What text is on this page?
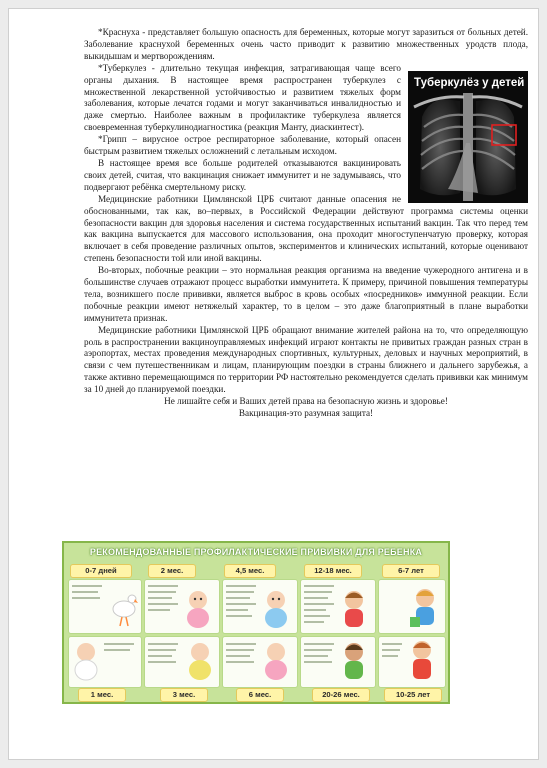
*Краснуха - представляет большую опасность для беременных, которые могут заразиться от больных детей. Заболевание краснухой беременных очень часто приводит к развитию множественных уродств плода, выкидышам и мертворождениям.

Туберкулёз у детей

*Туберкулез - длительно текущая инфекция, затрагивающая чаще всего органы дыхания. В настоящее время распространен туберкулез с множественной лекарственной устойчивостью и развитием тяжелых форм заболевания, которые лечатся годами и могут заканчиваться инвалидностью и даже смертью. Наиболее важным в профилактике туберкулеза является своевременная туберкулинодиагностика (реакция Манту, диаскинтест).

*Грипп – вирусное острое респираторное заболевание, который опасен быстрым развитием тяжелых осложнений с летальным исходом.

В настоящее время все больше родителей отказываются вакцинировать своих детей, считая, что вакцинация снижает иммунитет и не задумываясь, что подвергают ребёнка смертельному риску.

Медицинские работники Цимлянской ЦРБ считают данные опасения не обоснованными, так как, во–первых, в Российской Федерации действуют программа системы оценки безопасности вакцин для здоровья населения и система государственных испытаний вакцин. Так что перед тем как вакцина выпускается для массового использования, она проходит многоступенчатую проверку, которая включает в себя проведение различных опытов, экспериментов и клинических испытаний, которые оценивают степень безопасности той или иной вакцины.

Во-вторых, побочные реакции – это нормальная реакция организма на введение чужеродного антигена и в большинстве случаев отражают процесс выработки иммунитета. К примеру, причиной повышения температуры тела, возникшего после прививки, является выброс в кровь особых «посредников» иммунной реакции. Если побочные реакции имеют нетяжелый характер, то в целом – это даже благоприятный в плане выработки иммунитета признак.

Медицинские работники Цимлянской ЦРБ обращают внимание жителей района на то, что определяющую роль в распространении вакциноуправляемых инфекций играют контакты не привитых граждан разных стран в аэропортах, местах проведения международных спортивных, культурных, деловых и научных мероприятий, в связи с чем путешественникам и лицам, планирующим поездки в страны ближнего и дальнего зарубежья, а также активно перемещающимся по территории РФ настоятельно рекомендуется сделать прививки как минимум за 10 дней до планируемой поездки.

Не лишайте себя и Ваших детей права на безопасную жизнь и здоровье!

Вакцинация-это разумная защита!

РЕКОМЕНДОВАННЫЕ ПРОФИЛАКТИЧЕСКИЕ ПРИВИВКИ ДЛЯ РЕБЕНКА
0-7 дней	2 мес.	4,5 мес.	12-18 мес.	6-7 лет
1 мес.	3 мес.	6 мес.	20-26 мес.	10-25 лет
